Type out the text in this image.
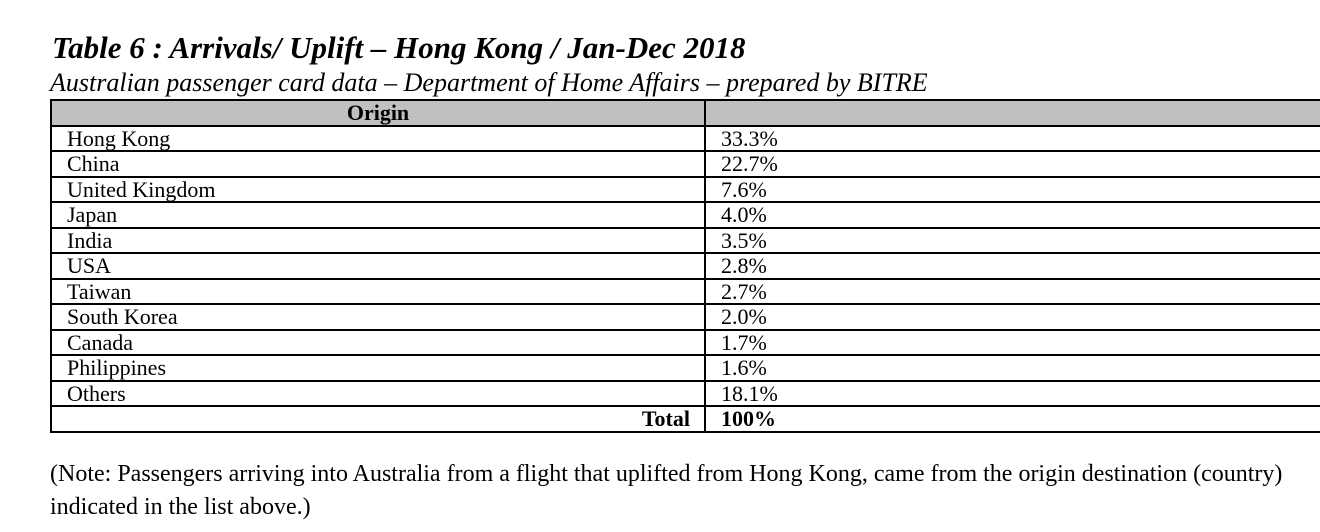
Table 6 : Arrivals/ Uplift – Hong Kong / Jan-Dec 2018
Australian passenger card data – Department of Home Affairs – prepared by BITRE
Origin	
Hong Kong	33.3%
China	22.7%
United Kingdom	7.6%
Japan	4.0%
India	3.5%
USA	2.8%
Taiwan	2.7%
South Korea	2.0%
Canada	1.7%
Philippines	1.6%
Others	18.1%
Total	100%
(Note: Passengers arriving into Australia from a flight that uplifted from Hong Kong, came from the origin destination (country) indicated in the list above.)
